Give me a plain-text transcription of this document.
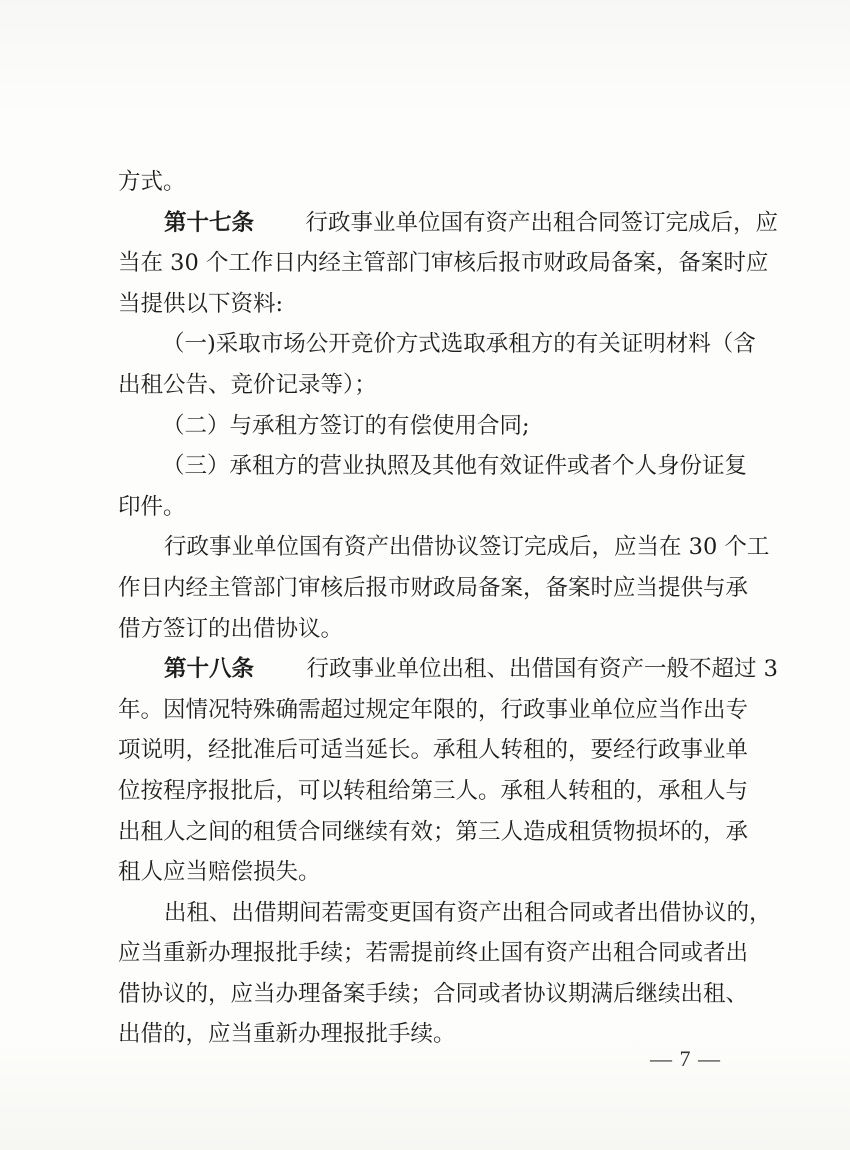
方式。
第十七条 行政事业单位国有资产出租合同签订完成后，应
当在 30 个工作日内经主管部门审核后报市财政局备案，备案时应
当提供以下资料:
（一)采取市场公开竞价方式选取承租方的有关证明材料（含
出租公告、竞价记录等）；
（二）与承租方签订的有偿使用合同;
（三）承租方的营业执照及其他有效证件或者个人身份证复
印件。
行政事业单位国有资产出借协议签订完成后，应当在 30 个工
作日内经主管部门审核后报市财政局备案，备案时应当提供与承
借方签订的出借协议。
第十八条 行政事业单位出租、出借国有资产一般不超过 3
年。因情况特殊确需超过规定年限的，行政事业单位应当作出专
项说明，经批准后可适当延长。承租人转租的，要经行政事业单
位按程序报批后，可以转租给第三人。承租人转租的，承租人与
出租人之间的租赁合同继续有效；第三人造成租赁物损坏的，承
租人应当赔偿损失。
出租、出借期间若需变更国有资产出租合同或者出借协议的，
应当重新办理报批手续；若需提前终止国有资产出租合同或者出
借协议的，应当办理备案手续；合同或者协议期满后继续出租、
出借的，应当重新办理报批手续。
— 7 —
